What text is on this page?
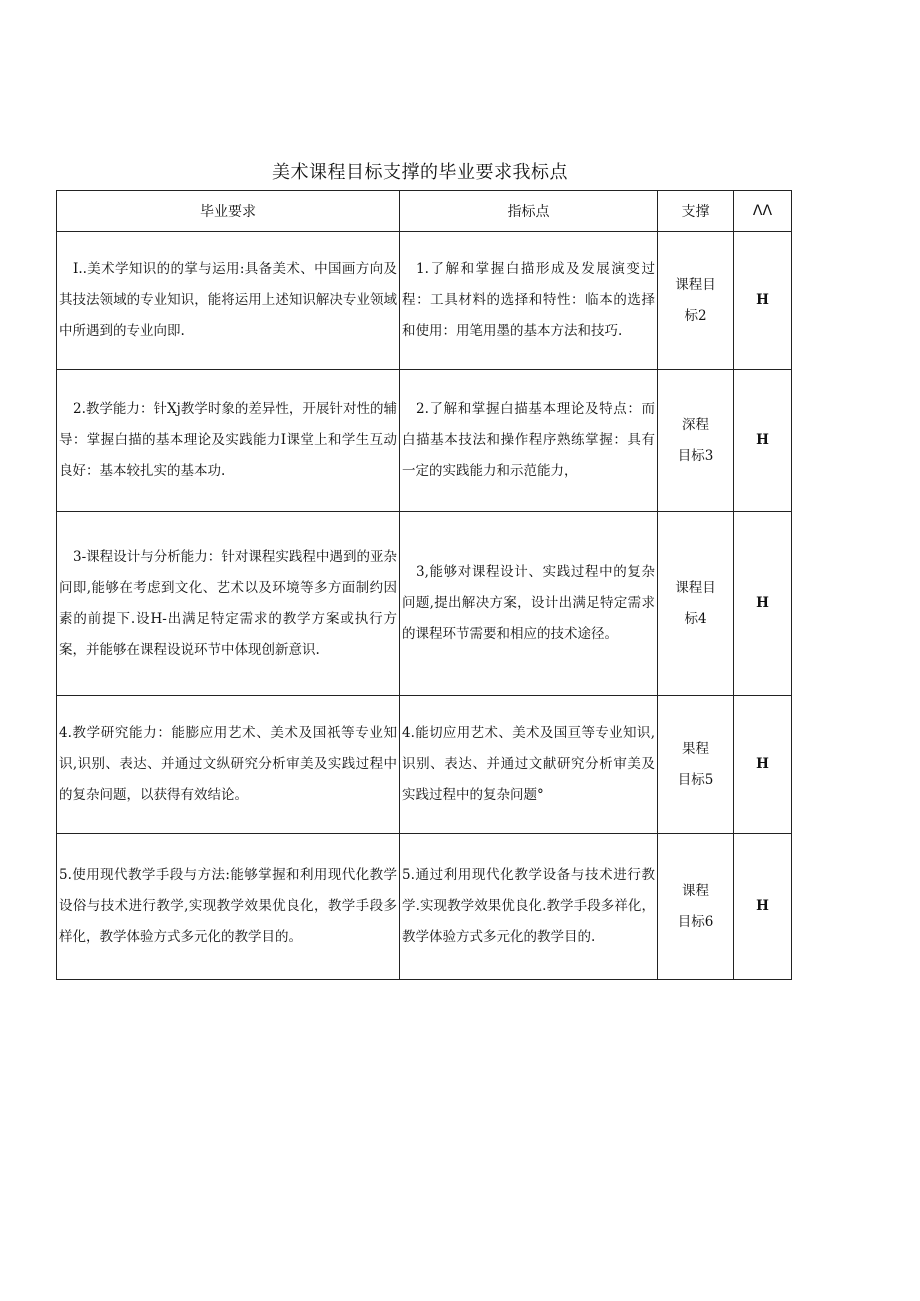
美术课程目标支撑的毕业要求我标点
毕业要求	指标点	支撑	ΛΛ

I..美术学知识的的掌与运用:具备美术、中国画方向及其技法领域的专业知识，能将运用上述知识解决专业领域中所遇到的专业向即.	1.了解和掌握白描形成及发展演变过程：工具材料的选择和特性：临本的选择和使用：用笔用墨的基本方法和技巧.	课程目
标2	H

2.教学能力：针Xj教学时象的差异性，开展针对性的辅导：掌握白描的基本理论及实践能力I课堂上和学生互动良好：基本较扎实的基本功.	2.了解和掌握白描基本理论及特点：而白描基本技法和操作程序熟练掌握：具有一定的实践能力和示范能力，	深程
目标3	H

3-课程设计与分析能力：针对课程实践程中遇到的亚杂问即,能够在考虑到文化、艺术以及环境等多方面制约因素的前提下.设H-出满足特定需求的教学方案或执行方案，并能够在课程设说环节中体现创新意识.	3,能够对课程设计、实践过程中的复杂问题,提出解决方案，设计出满足特定需求的课程环节需要和相应的技术途径。	课程目
标4	H

4.教学研究能力：能膨应用艺术、美术及国祇等专业知识,识别、表达、并通过文纵研究分析审美及实践过程中的复杂问题，以获得有效结论。	4.能切应用艺术、美术及国亘等专业知识,识别、表达、并通过文献研究分析审美及实践过程中的复杂问题°	果程
目标5	H

5.使用现代教学手段与方法:能够掌握和利用现代化教学设俗与技术进行教学,实现教学效果优良化，教学手段多样化，教学体验方式多元化的教学目的。	5.通过利用现代化教学设备与技术进行教学.实现教学效果优良化.教学手段多祥化，教学体验方式多元化的教学目的.	课程
目标6	H
